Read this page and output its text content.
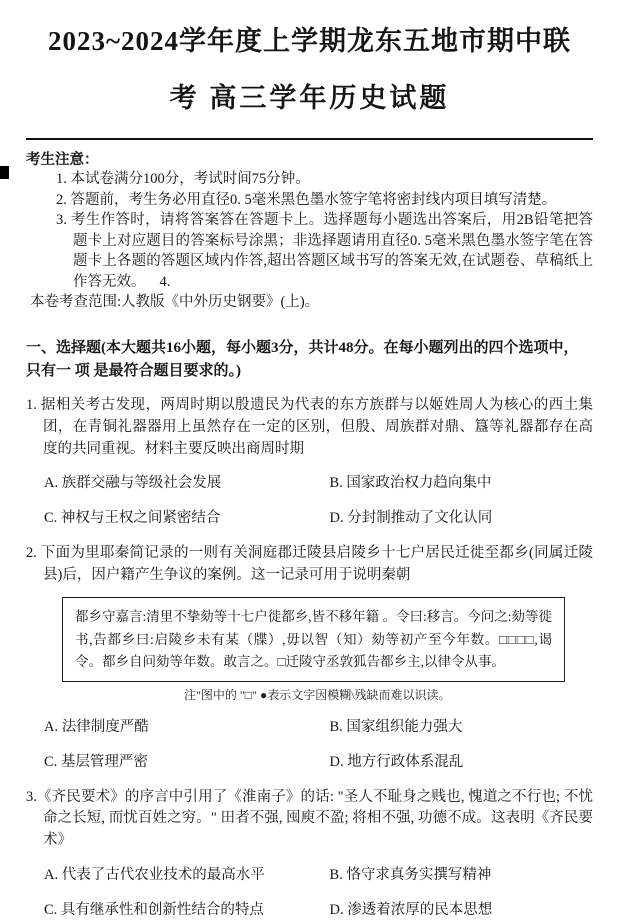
2023~2024学年度上学期龙东五地市期中联
考 高三学年历史试题
考生注意：
1. 本试卷满分100分，考试时间75分钟。
2. 答题前，考生务必用直径0. 5毫米黑色墨水签字笔将密封线内项目填写清楚。
3. 考生作答时，请将答案答在答题卡上。选择题每小题选出答案后，用2B铅笔把答题卡上对应题目的答案标号涂黑；非选择题请用直径0. 5毫米黑色墨水签字笔在答题卡上各题的答题区域内作答,超出答题区域书写的答案无效,在试题卷、草稿纸上作答无效。 4.
本卷考查范围:人教版《中外历史钢要》(上)。
一、选择题(本大题共16小题，每小题3分，共计48分。在每小题列出的四个选项中，只有一 项 是最符合题目要求的。)
1. 据相关考古发现，两周时期以殷遗民为代表的东方族群与以姬姓周人为核心的西土集团，在青铜礼器器用上虽然存在一定的区别，但殷、周族群对鼎、簋等礼器都存在高度的共同重视。材料主要反映出商周时期
A. 族群交融与等级社会发展	B. 国家政治权力趋向集中
C. 神权与王权之间紧密结合	D. 分封制推动了文化认同
2. 下面为里耶秦简记录的一则有关洞庭郡迁陵县启陵乡十七户居民迁徙至都乡(同属迁陵县)后，因户籍产生争议的案例。这一记录可用于说明秦朝
都乡守嘉言:清里不挚劾等十七户徙都乡,皆不移年籍 。令曰:移言。今问之:劾等徙书,告都乡曰:启陵乡未有某（牒）,毋以智（知）劾等初产至今年数。□□□□,谒令。都乡自问劾等年数。敢言之。□迁陵守丞敦狐告都乡主,以律令从事。
注"图中的 "□" ●表示文字因模糊\残缺而难以识读。
A. 法律制度严酷	B. 国家组织能力强大
C. 基层管理严密	D. 地方行政体系混乱
3.《齐民要术》的序言中引用了《淮南子》的话: "圣人不耻身之贱也, 愧道之不行也; 不忧命之长短, 而忧百姓之穷。" 田者不强, 囤庾不盈; 将相不强, 功德不成。这表明《齐民要术》
A. 代表了古代农业技术的最高水平	B. 恪守求真务实撰写精神
C. 具有继承性和创新性结合的特点	D. 渗透着浓厚的民本思想
